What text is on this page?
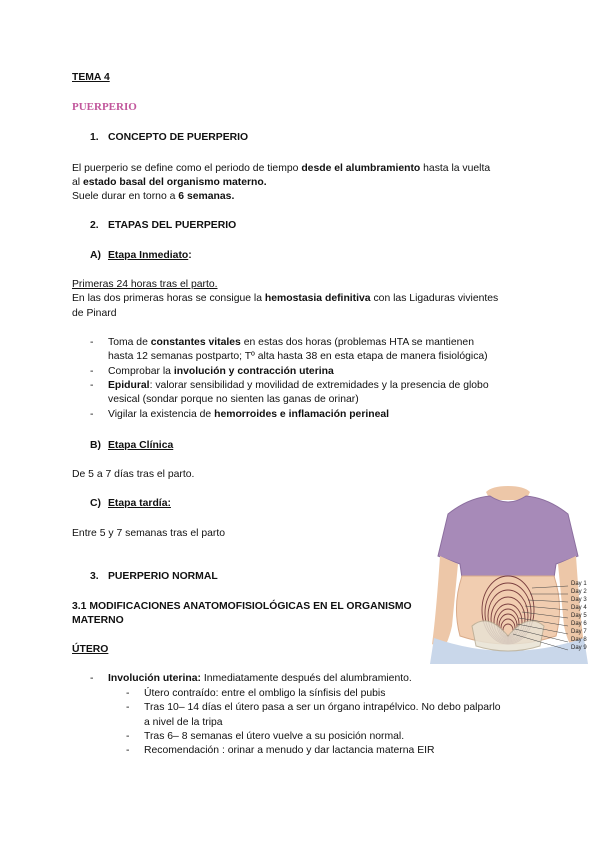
TEMA 4
PUERPERIO
1. CONCEPTO DE PUERPERIO
El puerperio se define como el periodo de tiempo desde el alumbramiento hasta la vuelta
al estado basal del organismo materno.
Suele durar en torno a 6 semanas.
2. ETAPAS DEL PUERPERIO
A) Etapa Inmediato:
Primeras 24 horas tras el parto.
En las dos primeras horas se consigue la hemostasia definitiva con las Ligaduras vivientes
de Pinard
- Toma de constantes vitales en estas dos horas (problemas HTA se mantienen
hasta 12 semanas postparto; Tº alta hasta 38 en esta etapa de manera fisiológica)
- Comprobar la involución y contracción uterina
- Epidural: valorar sensibilidad y movilidad de extremidades y la presencia de globo
vesical (sondar porque no sienten las ganas de orinar)
- Vigilar la existencia de hemorroides e inflamación perineal
B) Etapa Clínica
De 5 a 7 días tras el parto.
C) Etapa tardía:
Entre 5 y 7 semanas tras el parto
3. PUERPERIO NORMAL
3.1 MODIFICACIONES ANATOMOFISIOLÓGICAS EN EL ORGANISMO
MATERNO
ÚTERO
- Involución uterina: Inmediatamente después del alumbramiento.
- Útero contraído: entre el ombligo la sínfisis del pubis
- Tras 10– 14 días el útero pasa a ser un órgano intrapélvico. No debo palparlo
a nivel de la tripa
- Tras 6– 8 semanas el útero vuelve a su posición normal.
- Recomendación : orinar a menudo y dar lactancia materna EIR
Day 1
Day 2
Day 3
Day 4
Day 5
Day 6
Day 7
Day 8
Day 9
